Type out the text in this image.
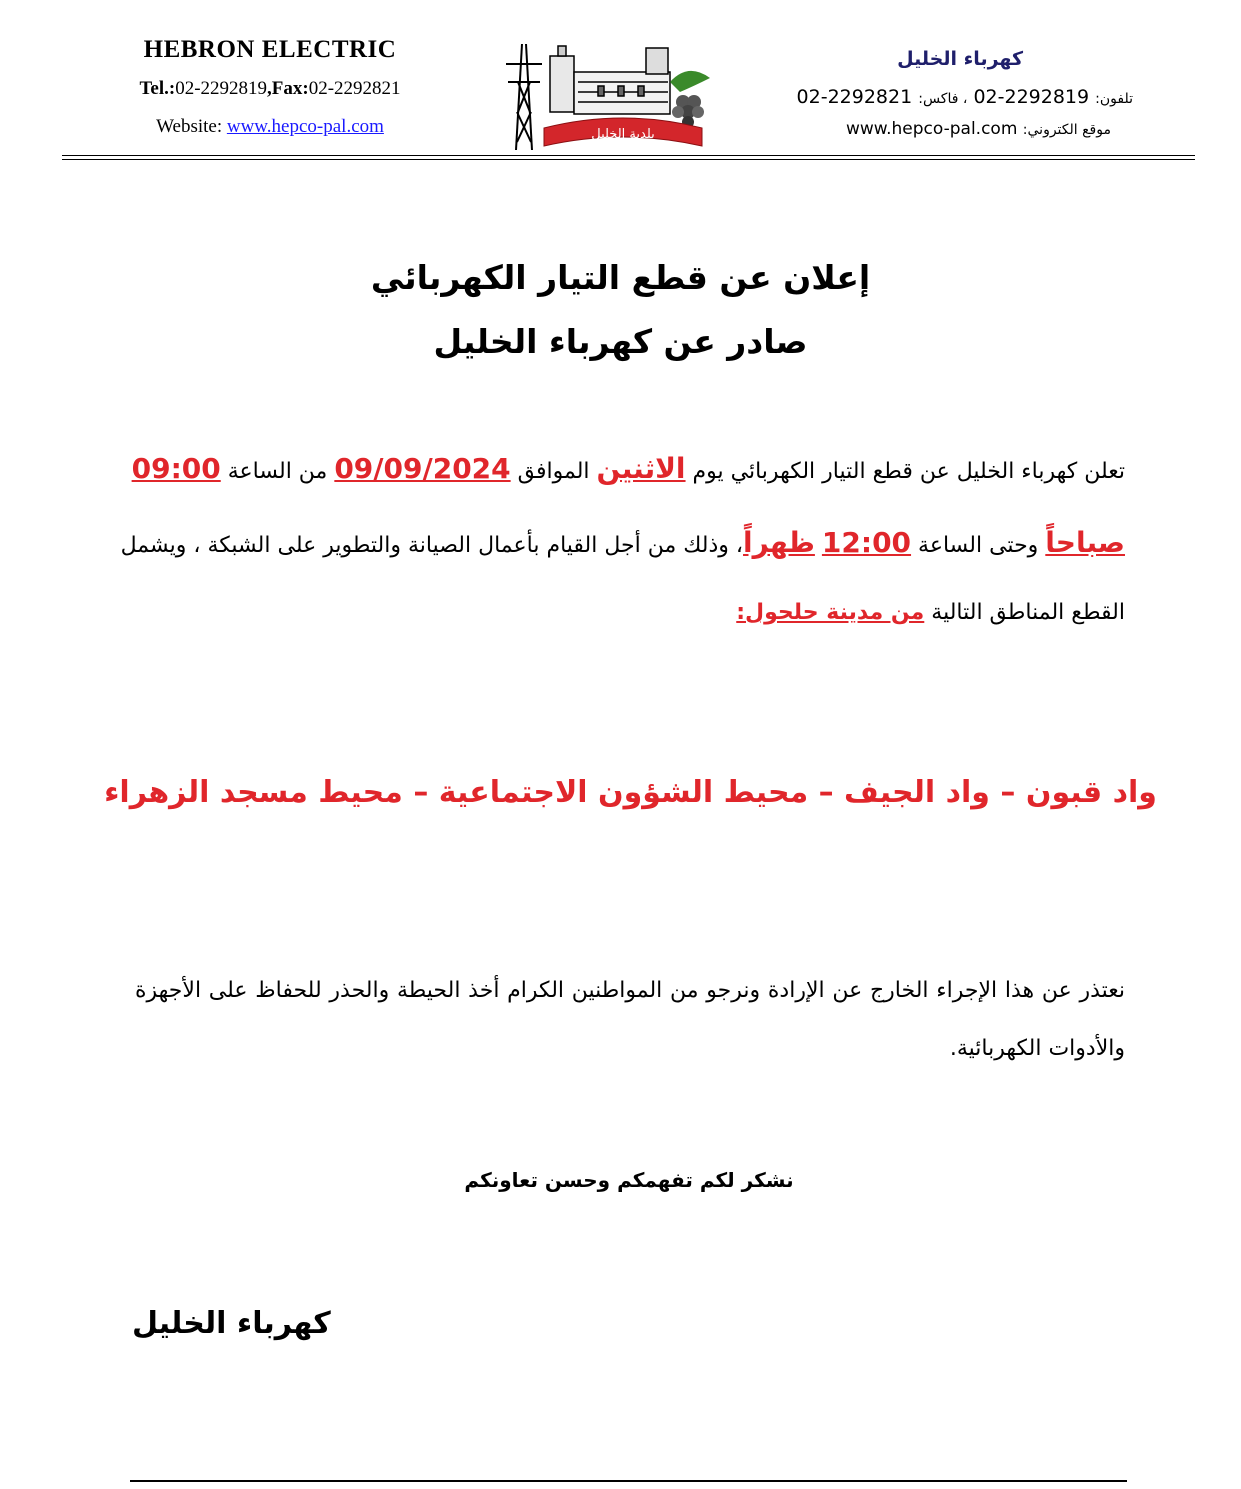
HEBRON ELECTRIC
Tel.:02-2292819,Fax:02-2292821
Website: www.hepco-pal.com	بلدية الخليل
كهرباء الخليل
تلفون: 02-2292819 ، فاكس: 02-2292821
موقع الكتروني: www.hepco-pal.com
إعلان عن قطع التيار الكهربائي
صادر عن كهرباء الخليل
تعلن كهرباء الخليل عن قطع التيار الكهربائي يوم الاثنين الموافق 09/09/2024 من الساعة 09:00
صباحاً وحتى الساعة 12:00 ظهراً، وذلك من أجل القيام بأعمال الصيانة والتطوير على الشبكة ، ويشمل
القطع المناطق التالية من مدينة حلحول:
واد قبون – واد الجيف – محيط الشؤون الاجتماعية – محيط مسجد الزهراء
نعتذر عن هذا الإجراء الخارج عن الإرادة ونرجو من المواطنين الكرام أخذ الحيطة والحذر للحفاظ على الأجهزة والأدوات الكهربائية.
نشكر لكم تفهمكم وحسن تعاونكم
كهرباء الخليل
